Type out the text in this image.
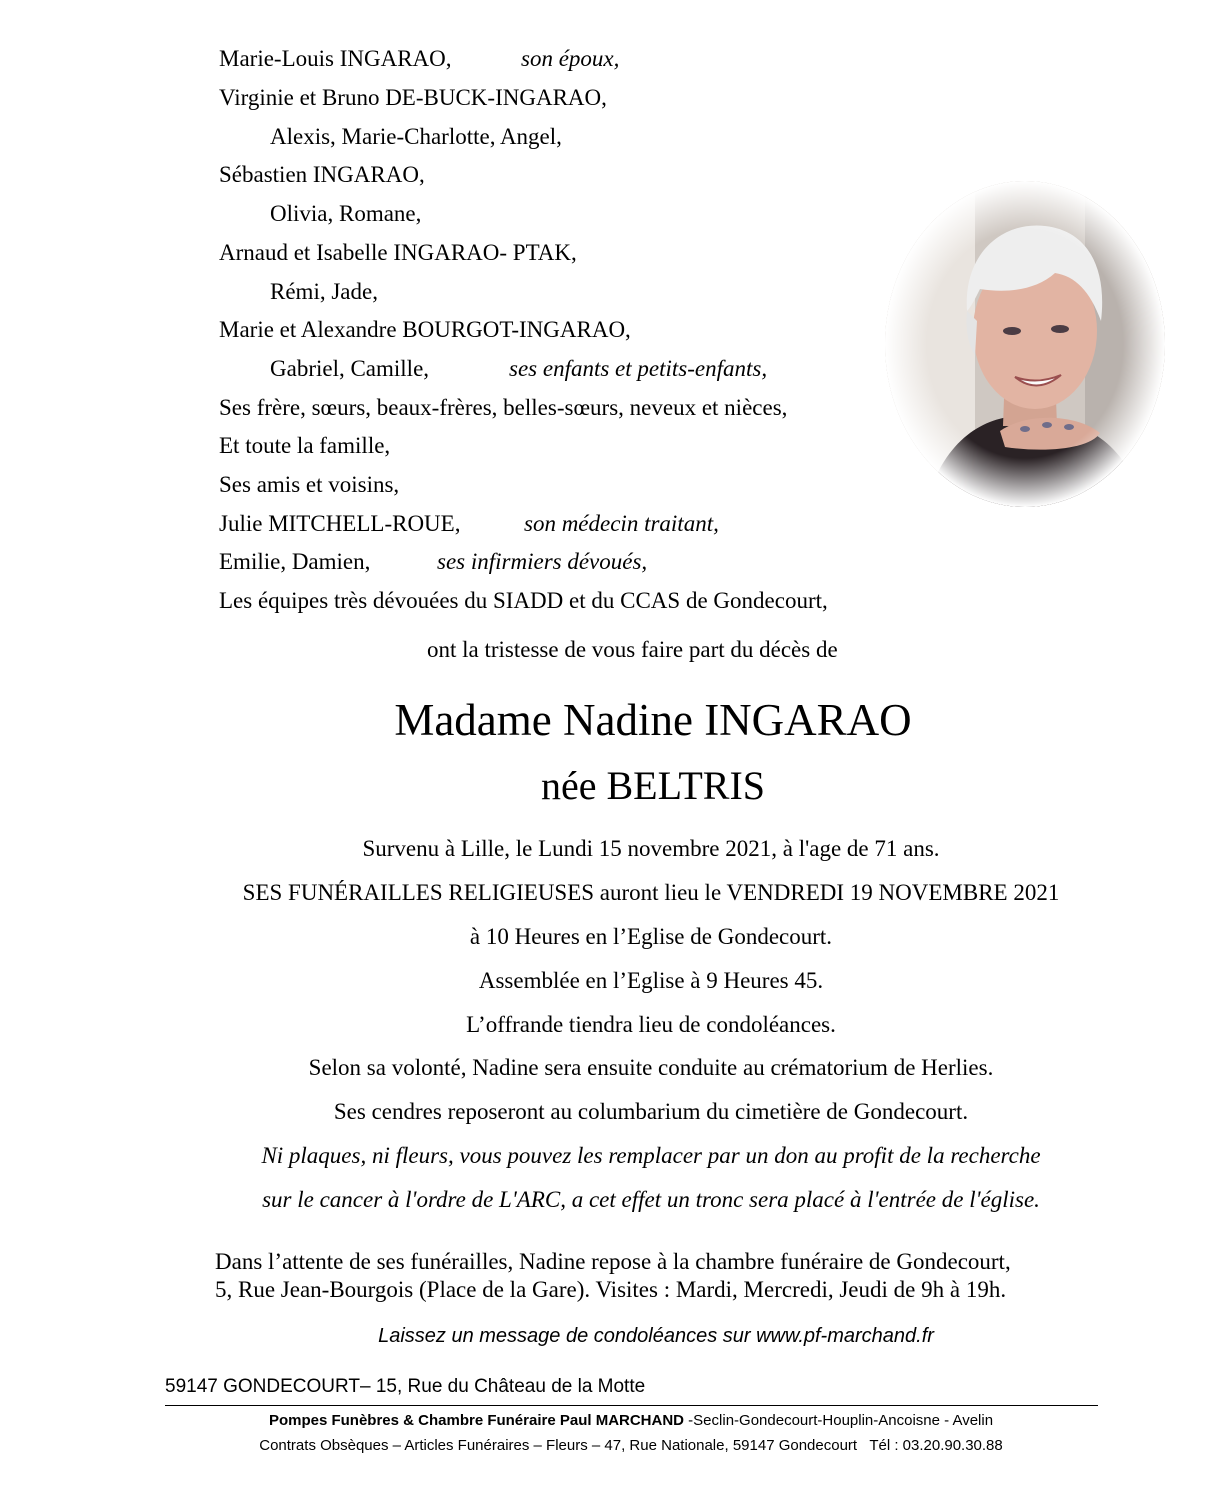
Marie-Louis INGARAO,	son époux,
Virginie et Bruno DE-BUCK-INGARAO,
Alexis, Marie-Charlotte, Angel,
Sébastien INGARAO,
Olivia, Romane,
Arnaud et Isabelle INGARAO- PTAK,
Rémi, Jade,
Marie et Alexandre BOURGOT-INGARAO,
Gabriel, Camille,	ses enfants et petits-enfants,
Ses frère, sœurs, beaux-frères, belles-sœurs, neveux et nièces,
Et toute la famille,
Ses amis et voisins,
Julie MITCHELL-ROUE,	son médecin traitant,
Emilie, Damien,	ses infirmiers dévoués,
Les équipes très dévouées du SIADD et du CCAS de Gondecourt,
ont la tristesse de vous faire part du décès de
Madame Nadine INGARAO
née BELTRIS
Survenu à Lille, le Lundi 15 novembre 2021, à l'age de 71 ans.
SES FUNÉRAILLES RELIGIEUSES auront lieu le VENDREDI 19 NOVEMBRE 2021
à 10 Heures en l’Eglise de Gondecourt.
Assemblée en l’Eglise à 9 Heures 45.
L’offrande tiendra lieu de condoléances.
Selon sa volonté, Nadine sera ensuite conduite au crématorium de Herlies.
Ses cendres reposeront au columbarium du cimetière de Gondecourt.
Ni plaques, ni fleurs, vous pouvez les remplacer par un don au profit de la recherche
sur le cancer à l'ordre de L'ARC, a cet effet un tronc sera placé à l'entrée de l'église.
Dans l’attente de ses funérailles, Nadine repose à la chambre funéraire de Gondecourt,
5, Rue Jean-Bourgois (Place de la Gare). Visites : Mardi, Mercredi, Jeudi de 9h à 19h.
Laissez un message de condoléances sur www.pf-marchand.fr
59147 GONDECOURT– 15, Rue du Château de la Motte
Pompes Funèbres & Chambre Funéraire Paul MARCHAND -Seclin-Gondecourt-Houplin-Ancoisne - Avelin
Contrats Obsèques – Articles Funéraires – Fleurs – 47, Rue Nationale, 59147 Gondecourt   Tél : 03.20.90.30.88
